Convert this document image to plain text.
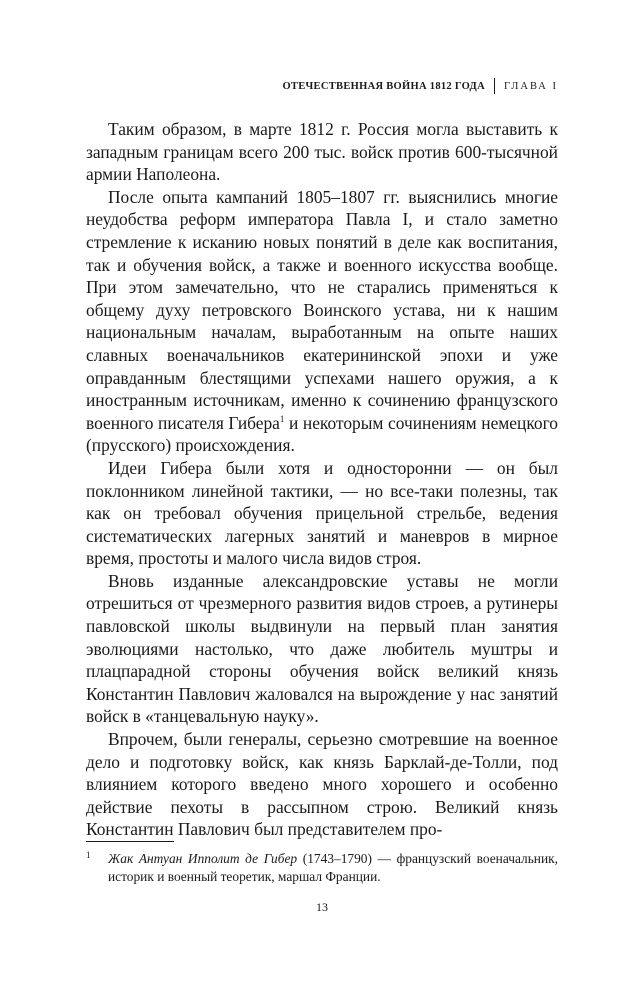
ОТЕЧЕСТВЕННАЯ ВОЙНА 1812 ГОДА ГЛАВА I

Таким образом, в марте 1812 г. Россия могла выставить к западным границам всего 200 тыс. войск против 600-тысячной армии Наполеона.

После опыта кампаний 1805–1807 гг. выяснились многие неудобства реформ императора Павла I, и стало заметно стремление к исканию новых понятий в деле как воспитания, так и обучения войск, а также и военного искусства вообще. При этом замечательно, что не старались применяться к общему духу петровского Воинского устава, ни к нашим национальным началам, выработанным на опыте наших славных военачальников екатерининской эпохи и уже оправданным блестящими успехами нашего оружия, а к иностранным источникам, именно к сочинению французского военного писателя Гибера$^1$ и некоторым сочинениям немецкого (прусского) происхождения.

Идеи Гибера были хотя и односторонни — он был поклонником линейной тактики, — но все-таки полезны, так как он требовал обучения прицельной стрельбе, ведения систематических лагерных занятий и маневров в мирное время, простоты и малого числа видов строя.

Вновь изданные александровские уставы не могли отрешиться от чрезмерного развития видов строев, а рутинеры павловской школы выдвинули на первый план занятия эволюциями настолько, что даже любитель муштры и плацпарадной стороны обучения войск великий князь Константин Павлович жаловался на вырождение у нас занятий войск в «танцевальную науку».

Впрочем, были генералы, серьезно смотревшие на военное дело и подготовку войск, как князь Барклай-де-Толли, под влиянием которого введено много хорошего и особенно действие пехоты в рассыпном строю. Великий князь Константин Павлович был представителем про-

1 Жак Антуан Ипполит де Гибер (1743–1790) — французский военачальник, историк и военный теоретик, маршал Франции.
13
